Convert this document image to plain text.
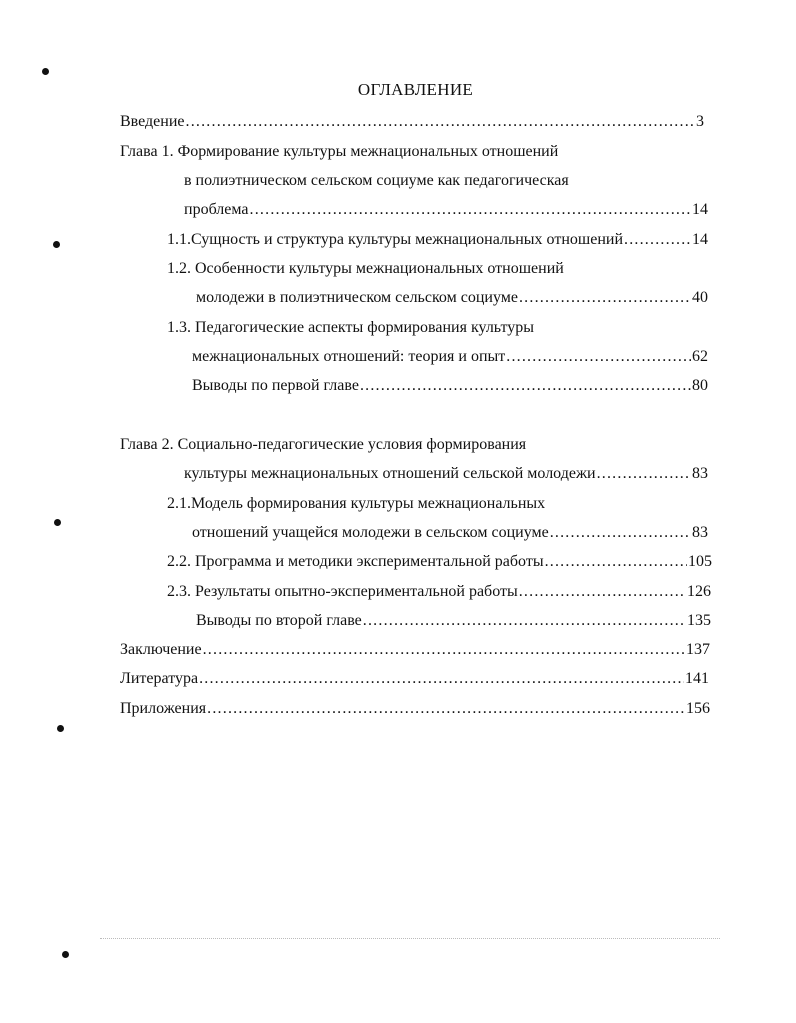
ОГЛАВЛЕНИЕ
Введение .....	3
Глава 1. Формирование культуры межнациональных отношений
в полиэтническом сельском социуме как педагогическая
проблема .....	14
1.1.Сущность и структура культуры межнациональных отношений .....	14
1.2. Особенности культуры межнациональных отношений
молодежи в полиэтническом сельском социуме .....	40
1.3. Педагогические аспекты формирования культуры
межнациональных отношений: теория и опыт .....	62
Выводы по первой главе .....	80
Глава 2. Социально-педагогические условия формирования
культуры межнациональных отношений сельской молодежи .....	83
2.1.Модель формирования культуры межнациональных
отношений учащейся молодежи в сельском социуме .....	83
2.2. Программа и методики экспериментальной работы .....	105
2.3. Результаты опытно-экспериментальной работы .....	126
Выводы по второй главе .....	135
Заключение .....	137
Литература .....	141
Приложения .....	156
